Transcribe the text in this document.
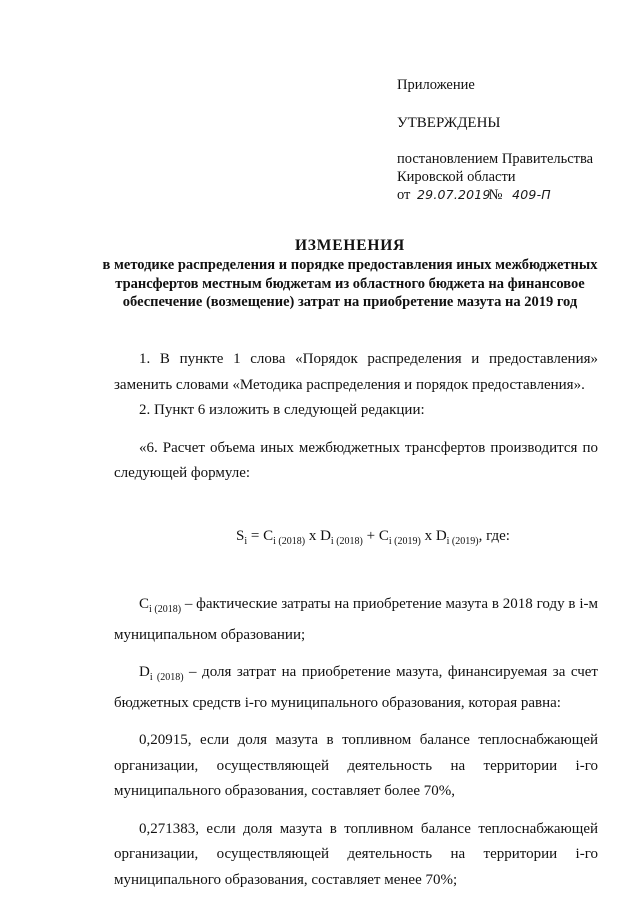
Приложение
УТВЕРЖДЕНЫ
постановлением Правительства
Кировской области
от 29.07.2019 № 409-П
ИЗМЕНЕНИЯ
в методике распределения и порядке предоставления иных межбюджетных трансфертов местным бюджетам из областного бюджета на финансовое обеспечение (возмещение) затрат на приобретение мазута на 2019 год

1. В пункте 1 слова «Порядок распределения и предоставления» заменить словами «Методика распределения и порядок предоставления».

2. Пункт 6 изложить в следующей редакции:

«6. Расчет объема иных межбюджетных трансфертов производится по следующей формуле:

$S_i = C_{i (2018)}$ x $D_{i (2018)} + C_{i (2019)}$ x $D_{i (2019)}$, где:

$C_{i (2018)}$ – фактические затраты на приобретение мазута в 2018 году в i-м муниципальном образовании;

$D_{i (2018)}$ – доля затрат на приобретение мазута, финансируемая за счет бюджетных средств i-го муниципального образования, которая равна:

0,20915, если доля мазута в топливном балансе теплоснабжающей организации, осуществляющей деятельность на территории i-го муниципального образования, составляет более 70%,

0,271383, если доля мазута в топливном балансе теплоснабжающей организации, осуществляющей деятельность на территории i-го муниципального образования, составляет менее 70%;
